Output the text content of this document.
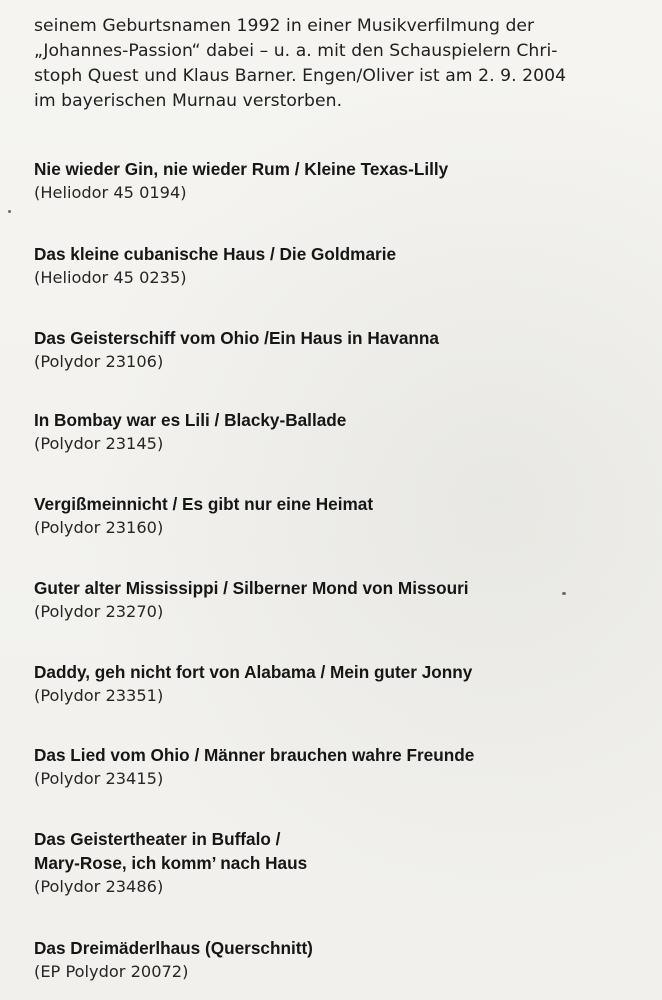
seinem Geburtsnamen 1992 in einer Musikverfilmung der
„Johannes-Passion“ dabei – u. a. mit den Schauspielern Chri-
stoph Quest und Klaus Barner. Engen/Oliver ist am 2. 9. 2004
im bayerischen Murnau verstorben.
Nie wieder Gin, nie wieder Rum / Kleine Texas-Lilly
(Heliodor 45 0194)
Das kleine cubanische Haus / Die Goldmarie
(Heliodor 45 0235)
Das Geisterschiff vom Ohio /Ein Haus in Havanna
(Polydor 23106)
In Bombay war es Lili / Blacky-Ballade
(Polydor 23145)
Vergißmeinnicht / Es gibt nur eine Heimat
(Polydor 23160)
Guter alter Mississippi / Silberner Mond von Missouri
(Polydor 23270)
Daddy, geh nicht fort von Alabama / Mein guter Jonny
(Polydor 23351)
Das Lied vom Ohio / Männer brauchen wahre Freunde
(Polydor 23415)
Das Geistertheater in Buffalo /
Mary-Rose, ich komm’ nach Haus
(Polydor 23486)
Das Dreimäderlhaus (Querschnitt)
(EP Polydor 20072)
